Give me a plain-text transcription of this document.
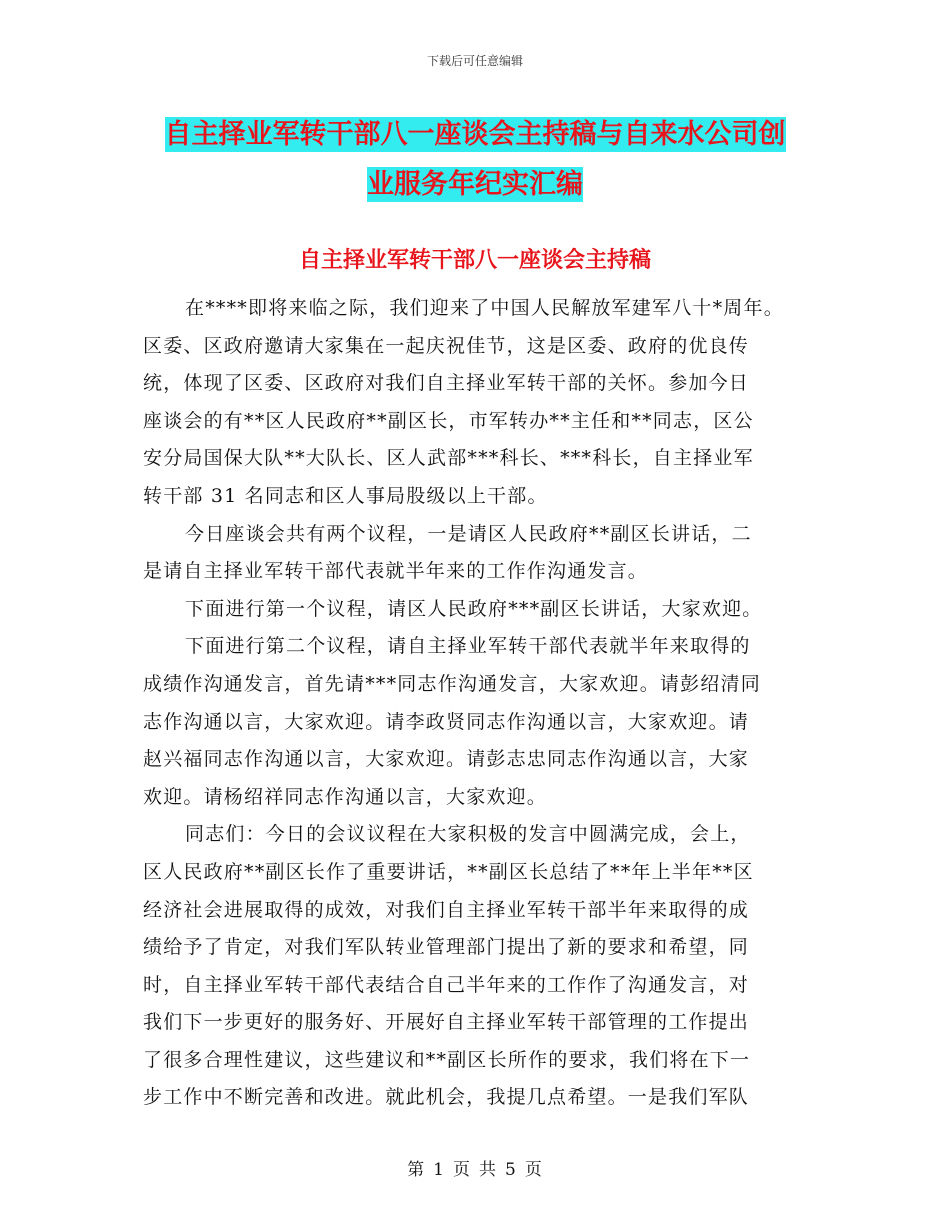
下载后可任意编辑
自主择业军转干部八一座谈会主持稿与自来水公司创
业服务年纪实汇编
自主择业军转干部八一座谈会主持稿
在****即将来临之际，我们迎来了中国人民解放军建军八十*周年。
区委、区政府邀请大家集在一起庆祝佳节，这是区委、政府的优良传
统，体现了区委、区政府对我们自主择业军转干部的关怀。参加今日
座谈会的有**区人民政府**副区长，市军转办**主任和**同志，区公
安分局国保大队**大队长、区人武部***科长、***科长，自主择业军
转干部 31 名同志和区人事局股级以上干部。
今日座谈会共有两个议程，一是请区人民政府**副区长讲话，二
是请自主择业军转干部代表就半年来的工作作沟通发言。
下面进行第一个议程，请区人民政府***副区长讲话，大家欢迎。
下面进行第二个议程，请自主择业军转干部代表就半年来取得的
成绩作沟通发言，首先请***同志作沟通发言，大家欢迎。请彭绍清同
志作沟通以言，大家欢迎。请李政贤同志作沟通以言，大家欢迎。请
赵兴福同志作沟通以言，大家欢迎。请彭志忠同志作沟通以言，大家
欢迎。请杨绍祥同志作沟通以言，大家欢迎。
同志们：今日的会议议程在大家积极的发言中圆满完成，会上，
区人民政府**副区长作了重要讲话，**副区长总结了**年上半年**区
经济社会进展取得的成效，对我们自主择业军转干部半年来取得的成
绩给予了肯定，对我们军队转业管理部门提出了新的要求和希望，同
时，自主择业军转干部代表结合自己半年来的工作作了沟通发言，对
我们下一步更好的服务好、开展好自主择业军转干部管理的工作提出
了很多合理性建议，这些建议和**副区长所作的要求，我们将在下一
步工作中不断完善和改进。就此机会，我提几点希望。一是我们军队
第 1 页 共 5 页
